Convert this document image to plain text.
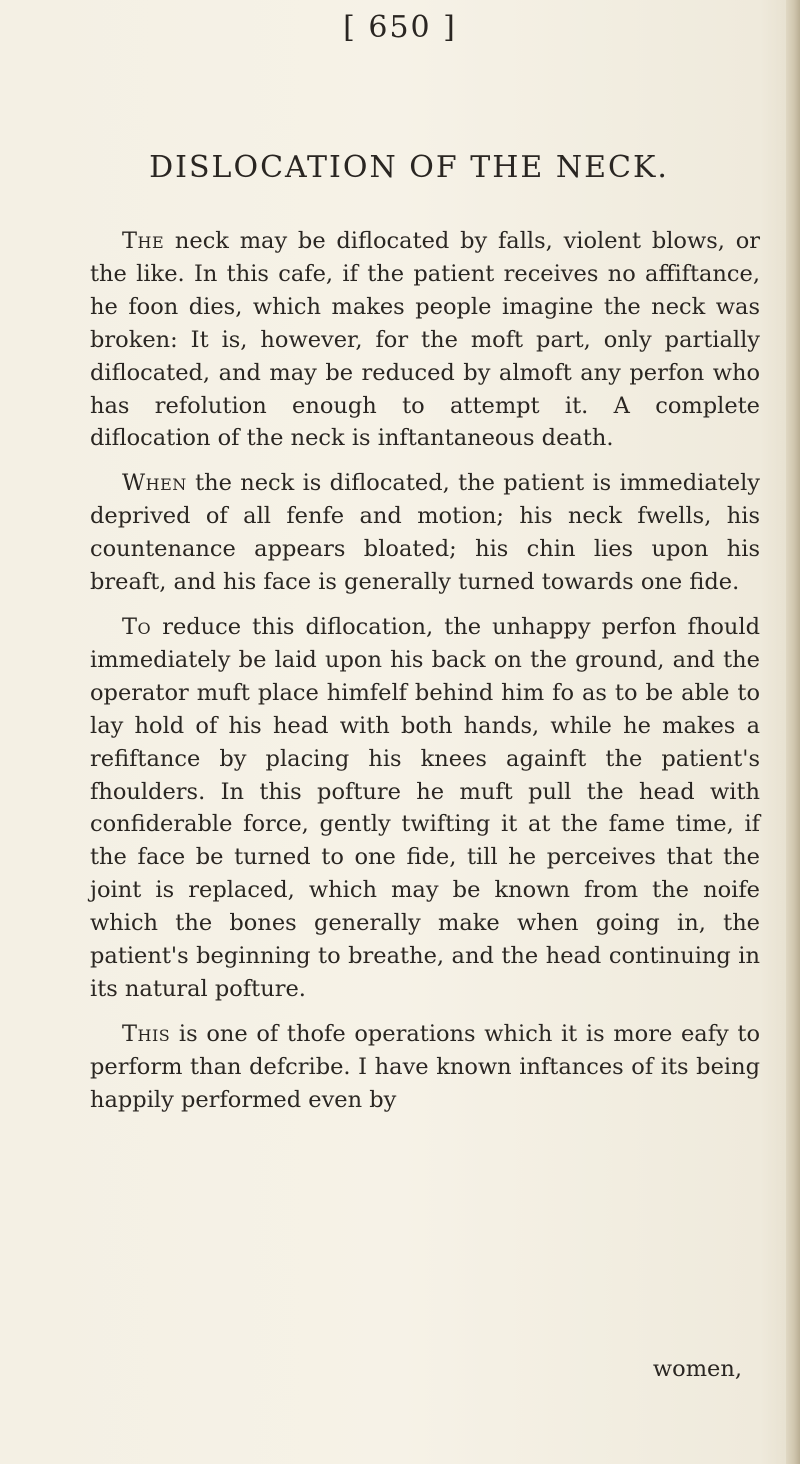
[ 650 ]
DISLOCATION OF THE NECK.

The neck may be diflocated by falls, violent blows, or the like. In this cafe, if the patient receives no affiftance, he foon dies, which makes people imagine the neck was broken: It is, however, for the moft part, only partially diflocated, and may be reduced by almoft any perfon who has refolution enough to attempt it. A complete diflocation of the neck is inftantaneous death.

When the neck is diflocated, the patient is immediately deprived of all fenfe and motion; his neck fwells, his countenance appears bloated; his chin lies upon his breaft, and his face is generally turned towards one fide.

To reduce this diflocation, the unhappy perfon fhould immediately be laid upon his back on the ground, and the operator muft place himfelf behind him fo as to be able to lay hold of his head with both hands, while he makes a refiftance by placing his knees againft the patient's fhoulders. In this pofture he muft pull the head with confiderable force, gently twifting it at the fame time, if the face be turned to one fide, till he perceives that the joint is replaced, which may be known from the noife which the bones generally make when going in, the patient's beginning to breathe, and the head continuing in its natural pofture.

This is one of thofe operations which it is more eafy to perform than defcribe. I have known inftances of its being happily performed even by

women,
